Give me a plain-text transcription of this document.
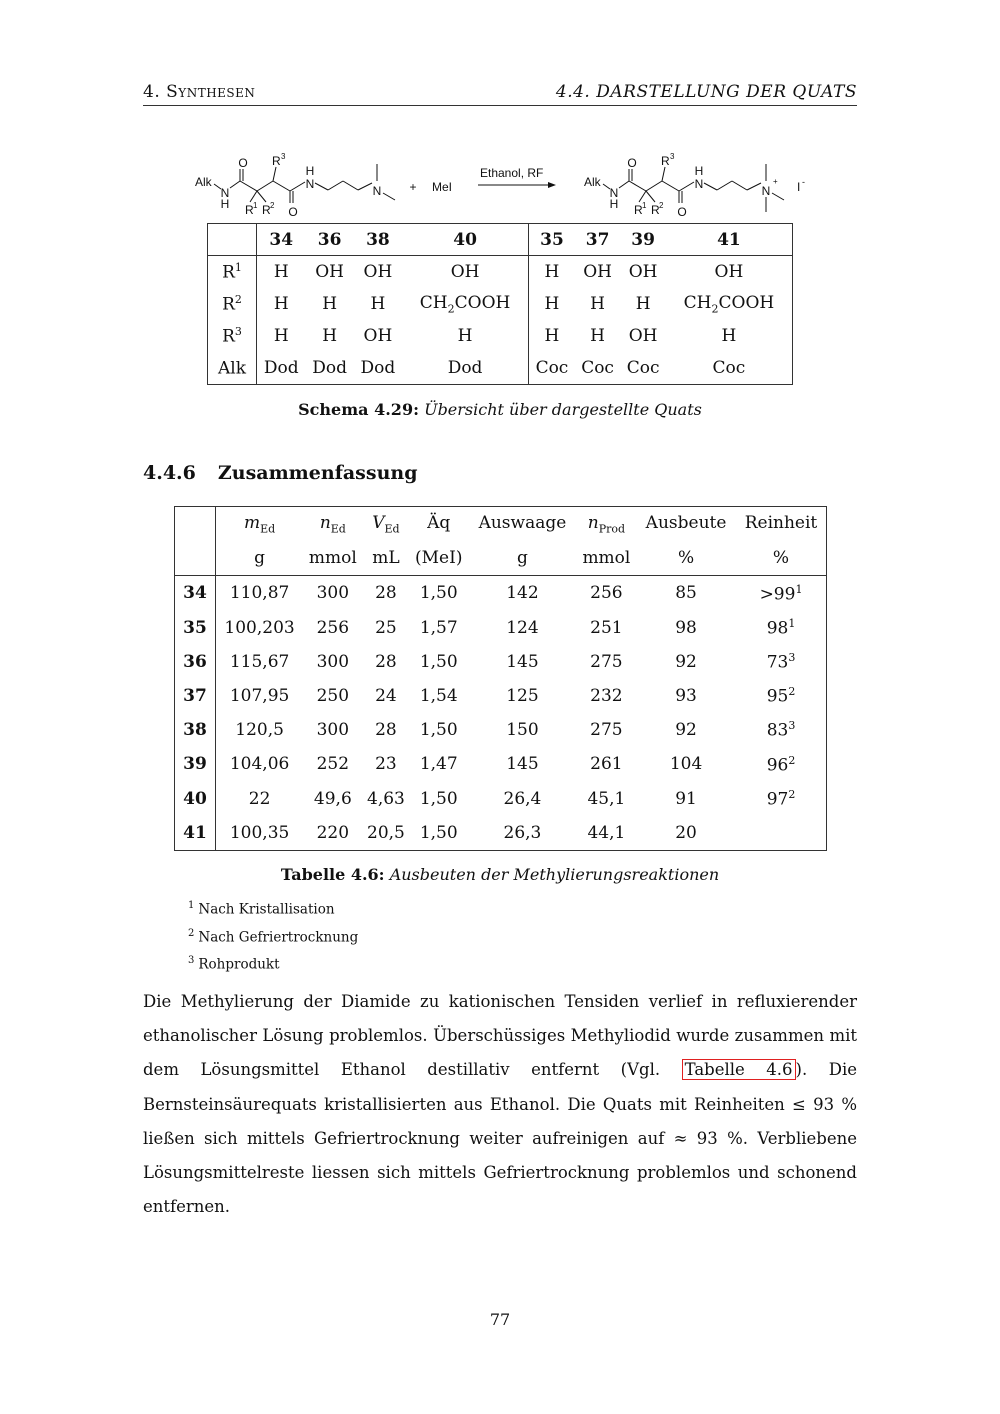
4. Synthesen	4.4. DARSTELLUNG DER QUATS
Alk
N
H
O
R 1 R 2
R 3
O
N
H
N
Alk
N
H
O
R 1 R 2
R 3
O
N
H
N
+
+ MeI
Ethanol, RF
I -
	34	36	38	40	35	37	39	41
$R^1$	H	OH	OH	OH	H	OH	OH	OH
$R^2$	H	H	H	$CH_2COOH$	H	H	H	$CH_2COOH$
$R^3$	H	H	OH	H	H	H	OH	H
Alk	Dod	Dod	Dod	Dod	Coc	Coc	Coc	Coc
Schema 4.29: Übersicht über dargestellte Quats
4.4.6 Zusammenfassung
	$m_{Ed}$	$n_{Ed}$	$V_{Ed}$	Äq	Auswaage	$n_{Prod}$	Ausbeute	Reinheit
	g	mmol	mL	(MeI)	g	mmol	%	%
34	110,87	300	28	1,50	142	256	85	$>99^1$
35	100,203	256	25	1,57	124	251	98	$98^1$
36	115,67	300	28	1,50	145	275	92	$73^3$
37	107,95	250	24	1,54	125	232	93	$95^2$
38	120,5	300	28	1,50	150	275	92	$83^3$
39	104,06	252	23	1,47	145	261	104	$96^2$
40	22	49,6	4,63	1,50	26,4	45,1	91	$97^2$
41	100,35	220	20,5	1,50	26,3	44,1	20	
Tabelle 4.6: Ausbeuten der Methylierungsreaktionen
$^1$ Nach Kristallisation
$^2$ Nach Gefriertrocknung
$^3$ Rohprodukt
Die Methylierung der Diamide zu kationischen Tensiden verlief in refluxierender ethanolischer Lösung problemlos. Überschüssiges Methyliodid wurde zusammen mit dem Lösungsmittel Ethanol destillativ entfernt (Vgl. Tabelle 4.6 ). Die Bernsteinsäurequats kristallisierten aus Ethanol. Die Quats mit Reinheiten ≤ 93 % ließen sich mittels Gefriertrocknung weiter aufreinigen auf ≈ 93 %. Verbliebene Lösungsmittelreste liessen sich mittels Gefriertrocknung problemlos und schonend entfernen.
77
